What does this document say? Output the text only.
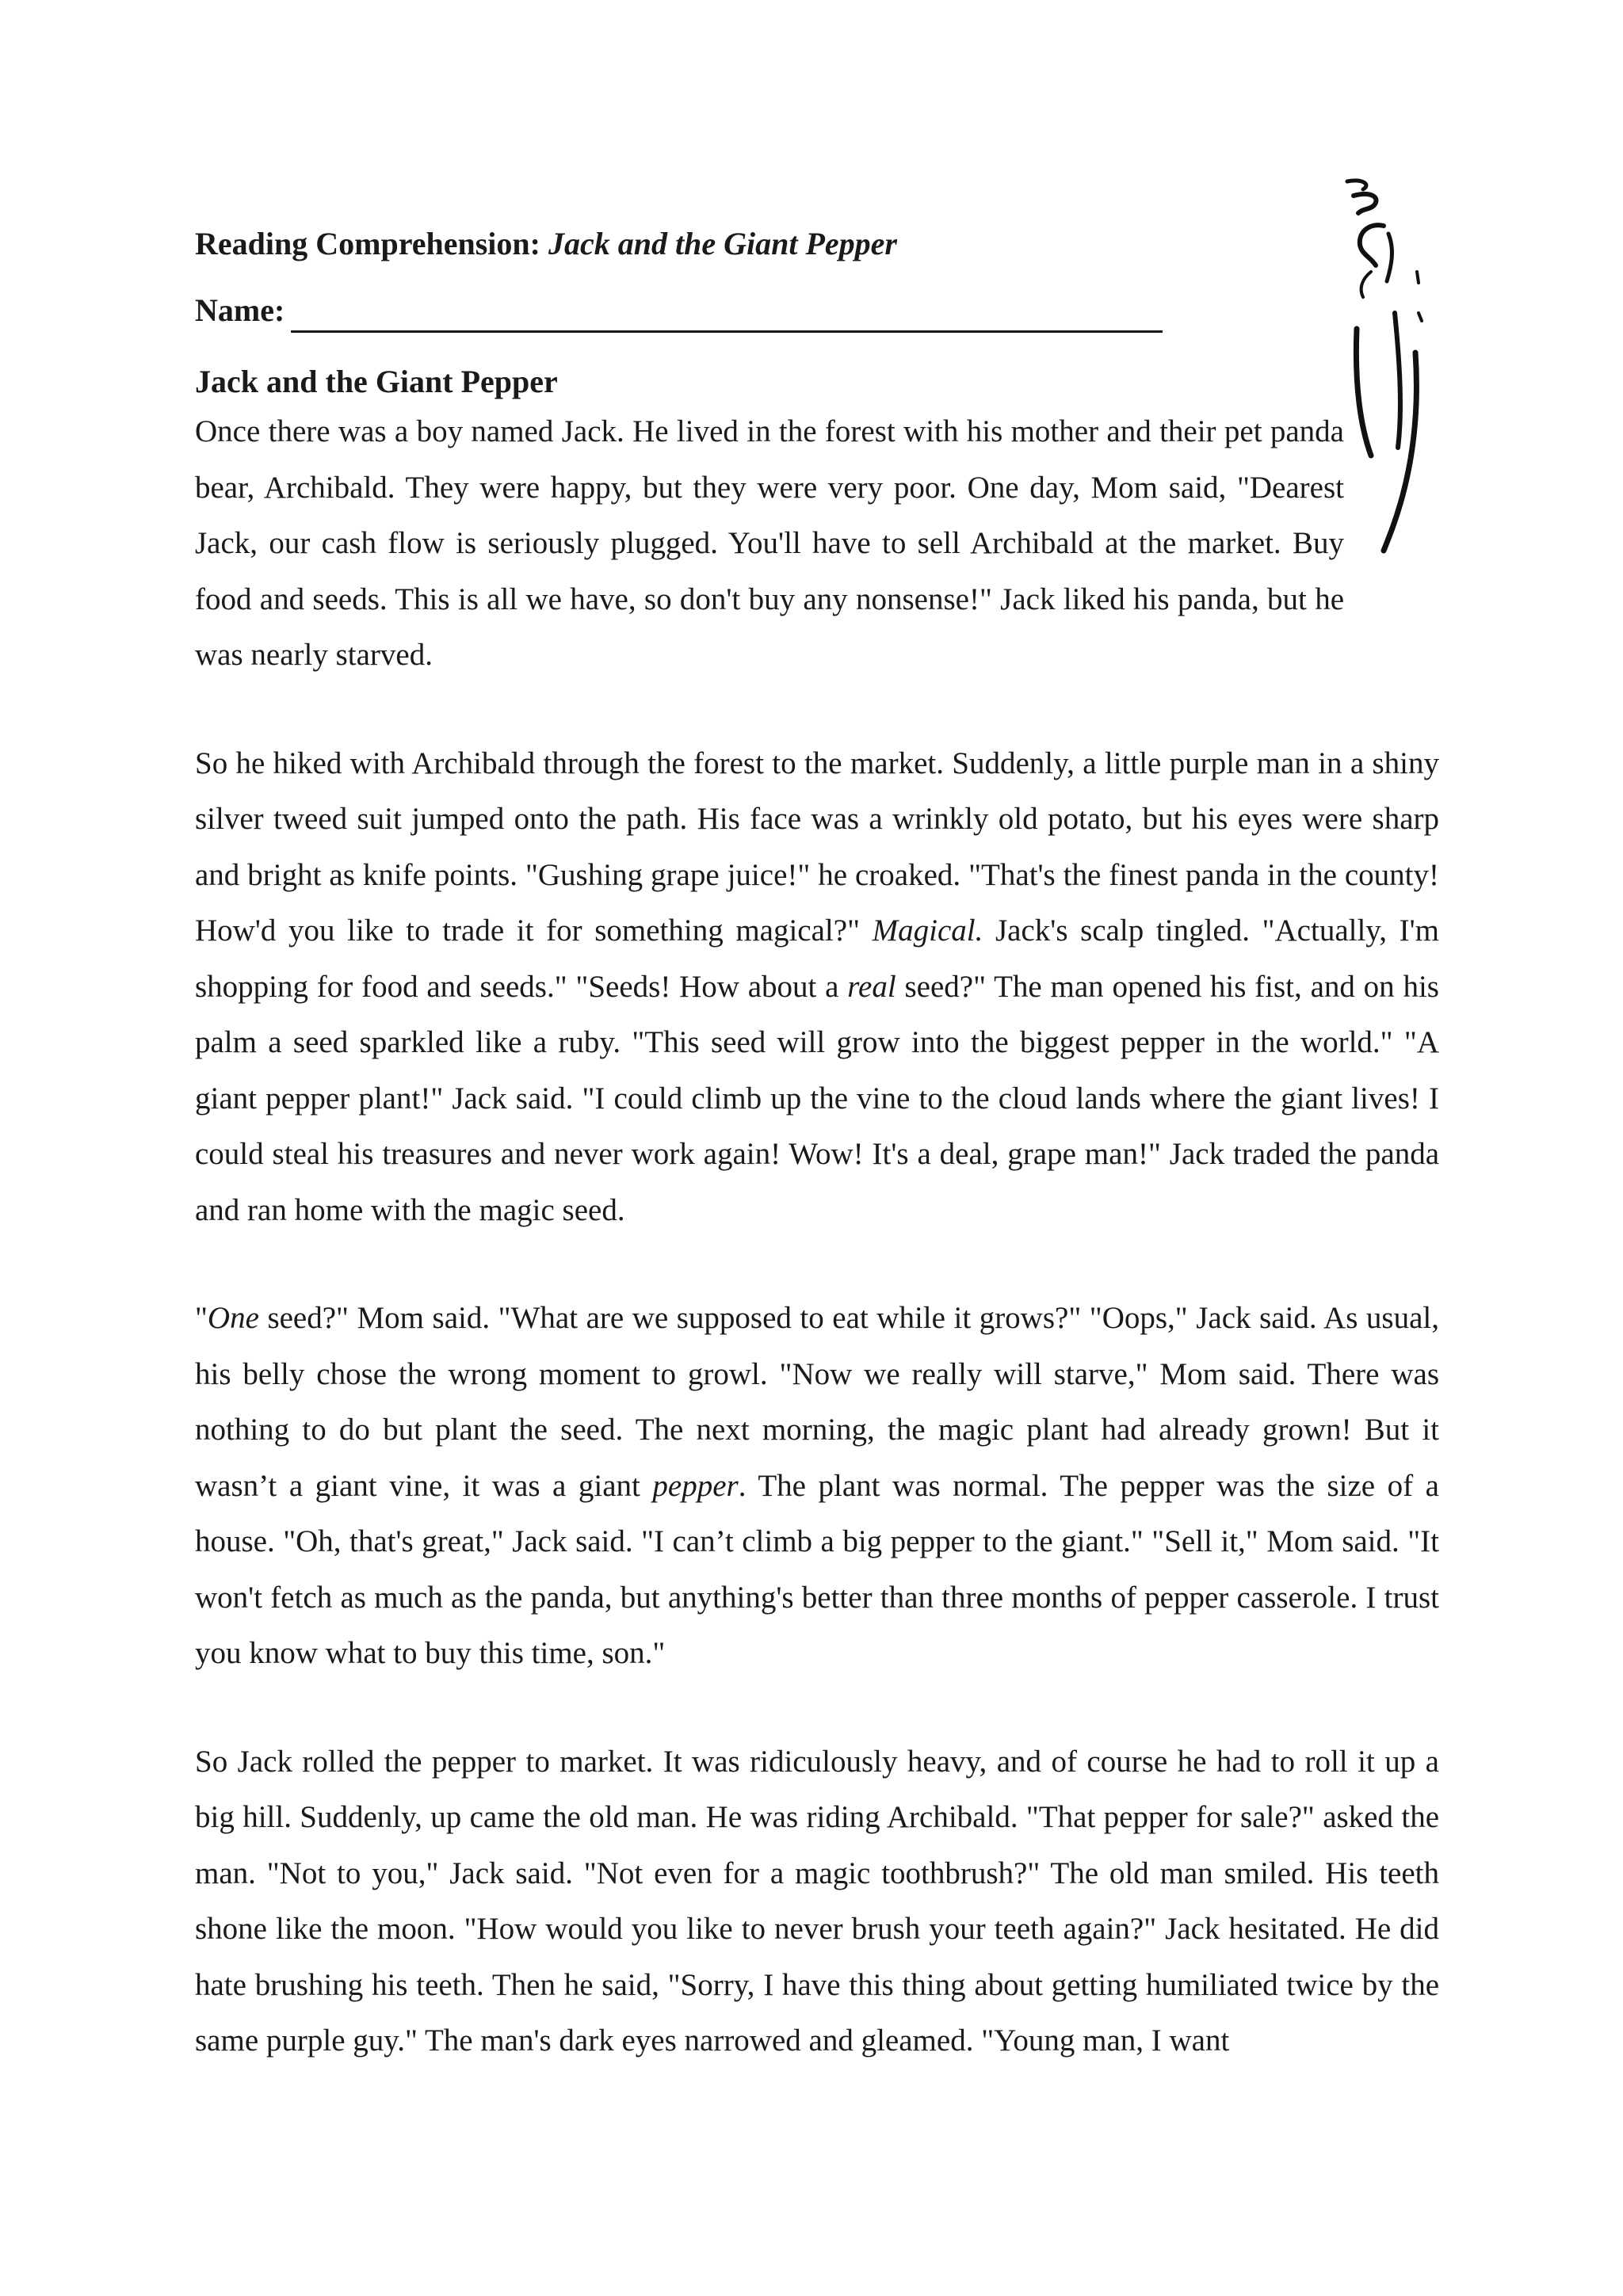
Reading Comprehension: Jack and the Giant Pepper
Name:
Jack and the Giant Pepper

Once there was a boy named Jack. He lived in the forest with his mother and their pet panda bear, Archibald. They were happy, but they were very poor. One day, Mom said, "Dearest Jack, our cash flow is seriously plugged. You'll have to sell Archibald at the market. Buy food and seeds. This is all we have, so don't buy any nonsense!" Jack liked his panda, but he was nearly starved.

So he hiked with Archibald through the forest to the market. Suddenly, a little purple man in a shiny silver tweed suit jumped onto the path. His face was a wrinkly old potato, but his eyes were sharp and bright as knife points. "Gushing grape juice!" he croaked. "That's the finest panda in the county! How'd you like to trade it for something magical?" Magical. Jack's scalp tingled. "Actually, I'm shopping for food and seeds." "Seeds! How about a real seed?" The man opened his fist, and on his palm a seed sparkled like a ruby. "This seed will grow into the biggest pepper in the world." "A giant pepper plant!" Jack said. "I could climb up the vine to the cloud lands where the giant lives! I could steal his treasures and never work again! Wow! It's a deal, grape man!" Jack traded the panda and ran home with the magic seed.

"One seed?" Mom said. "What are we supposed to eat while it grows?" "Oops," Jack said. As usual, his belly chose the wrong moment to growl. "Now we really will starve," Mom said. There was nothing to do but plant the seed. The next morning, the magic plant had already grown! But it wasn’t a giant vine, it was a giant pepper. The plant was normal. The pepper was the size of a house. "Oh, that's great," Jack said. "I can’t climb a big pepper to the giant." "Sell it," Mom said. "It won't fetch as much as the panda, but anything's better than three months of pepper casserole. I trust you know what to buy this time, son."

So Jack rolled the pepper to market. It was ridiculously heavy, and of course he had to roll it up a big hill. Suddenly, up came the old man. He was riding Archibald. "That pepper for sale?" asked the man. "Not to you," Jack said. "Not even for a magic toothbrush?" The old man smiled. His teeth shone like the moon. "How would you like to never brush your teeth again?" Jack hesitated. He did hate brushing his teeth. Then he said, "Sorry, I have this thing about getting humiliated twice by the same purple guy." The man's dark eyes narrowed and gleamed. "Young man, I want
